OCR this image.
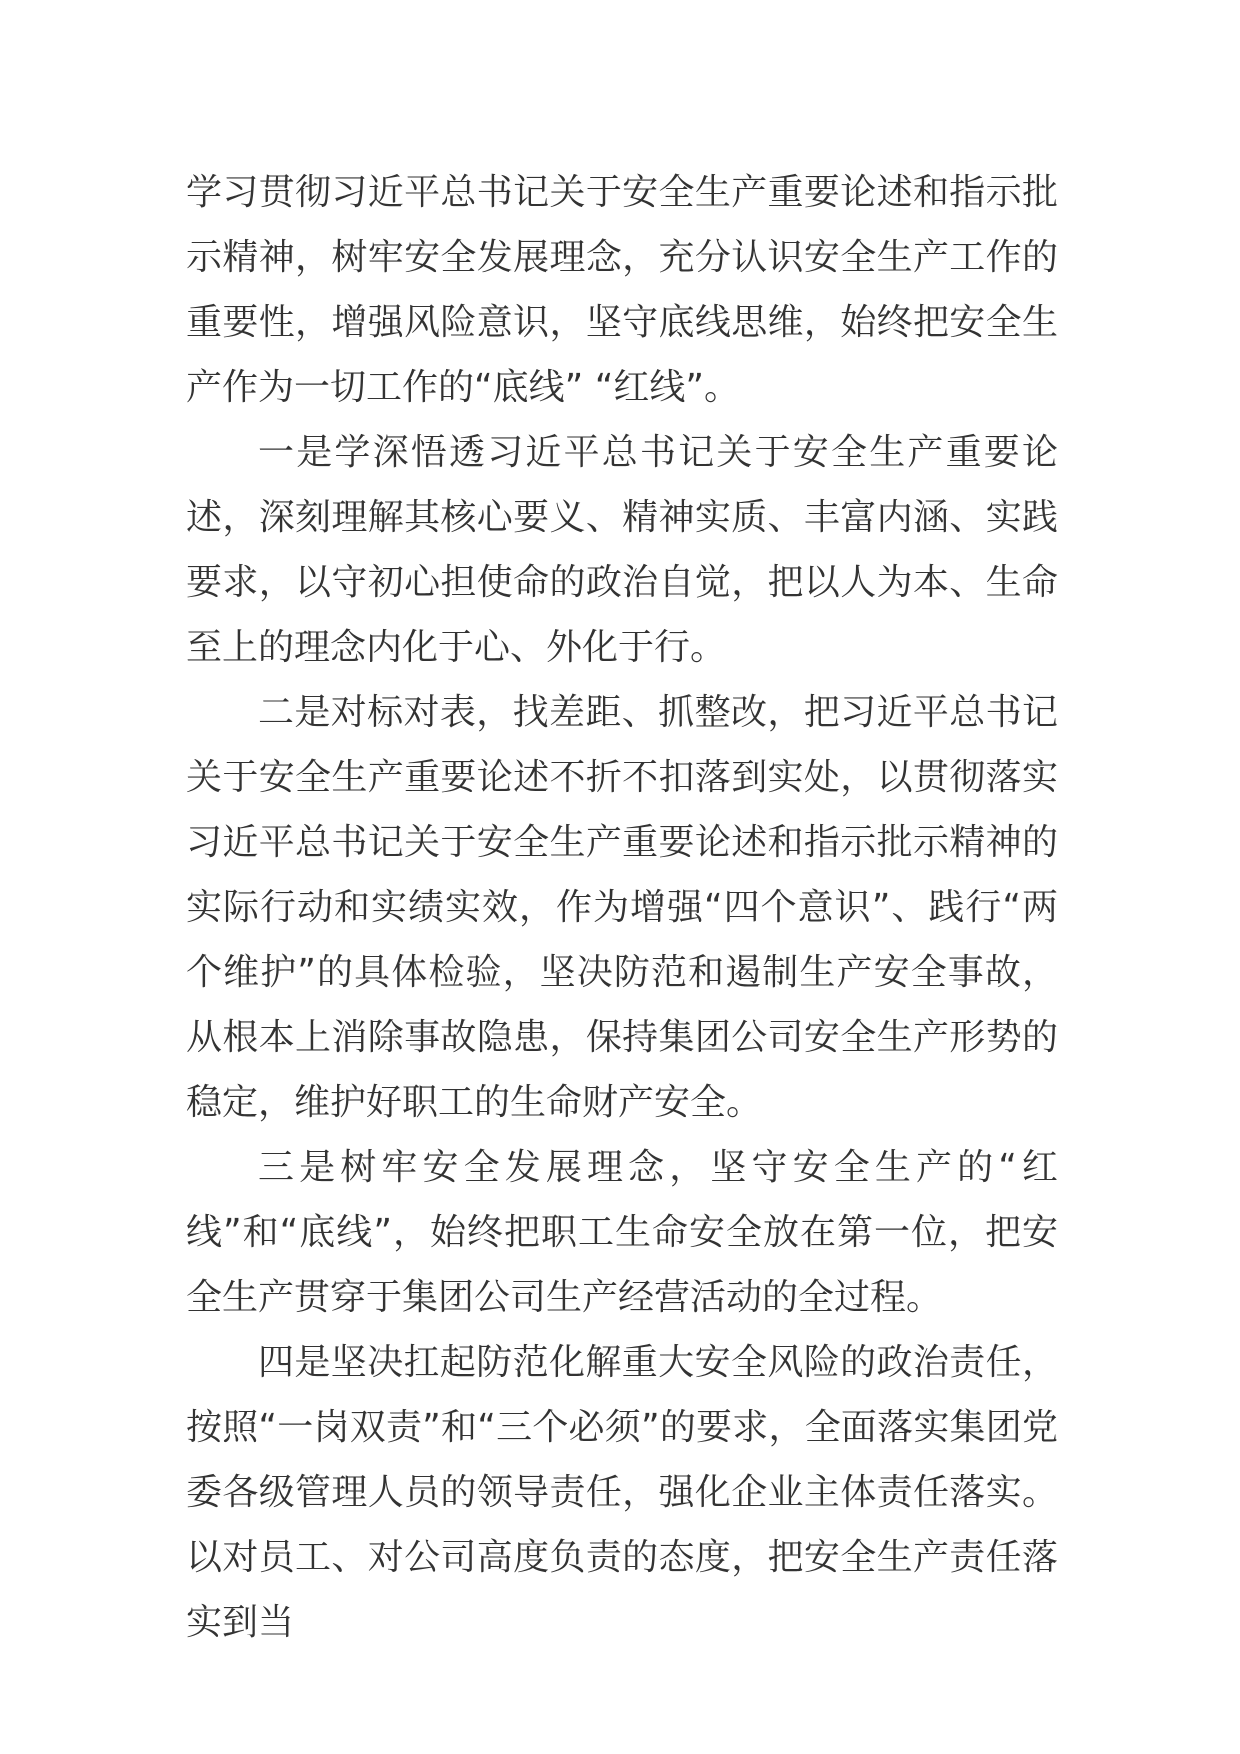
学习贯彻习近平总书记关于安全生产重要论述和指示批示精神，树牢安全发展理念，充分认识安全生产工作的重要性，增强风险意识，坚守底线思维，始终把安全生产作为一切工作的“底线” “红线”。

一是学深悟透习近平总书记关于安全生产重要论述，深刻理解其核心要义、精神实质、丰富内涵、实践要求，以守初心担使命的政治自觉，把以人为本、生命至上的理念内化于心、外化于行。

二是对标对表，找差距、抓整改，把习近平总书记关于安全生产重要论述不折不扣落到实处，以贯彻落实习近平总书记关于安全生产重要论述和指示批示精神的实际行动和实绩实效，作为增强“四个意识”、践行“两个维护”的具体检验，坚决防范和遏制生产安全事故，从根本上消除事故隐患，保持集团公司安全生产形势的稳定，维护好职工的生命财产安全。

三是树牢安全发展理念，坚守安全生产的“红线”和“底线”，始终把职工生命安全放在第一位，把安全生产贯穿于集团公司生产经营活动的全过程。

四是坚决扛起防范化解重大安全风险的政治责任，按照“一岗双责”和“三个必须”的要求，全面落实集团党委各级管理人员的领导责任，强化企业主体责任落实。以对员工、对公司高度负责的态度，把安全生产责任落实到当
